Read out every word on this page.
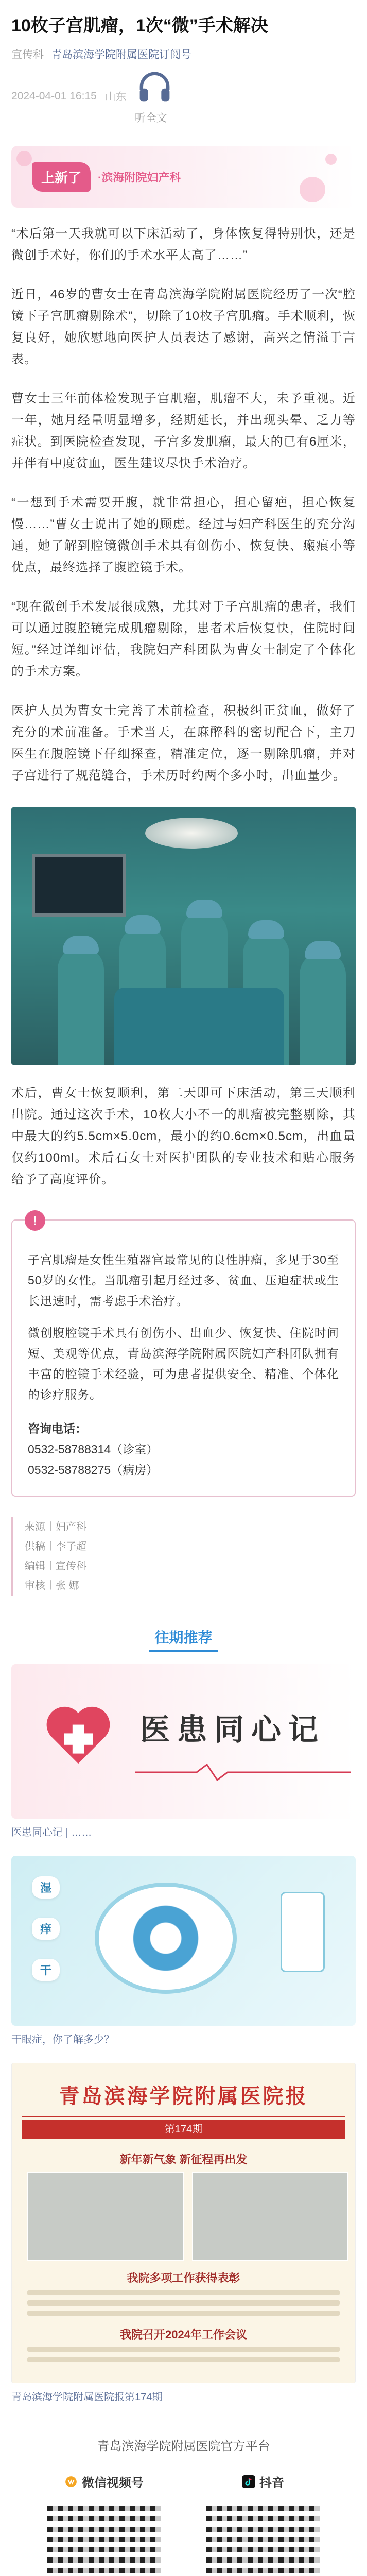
10枚子宫肌瘤，1次“微”手术解决
宣传科 青岛滨海学院附属医院订阅号
2024-04-01 16:15 山东
听全文
上新了	·滨海附院妇产科

“术后第一天我就可以下床活动了，身体恢复得特别快，还是微创手术好，你们的手术水平太高了……”

近日，46岁的曹女士在青岛滨海学院附属医院经历了一次“腔镜下子宫肌瘤剔除术”，切除了10枚子宫肌瘤。手术顺利，恢复良好，她欣慰地向医护人员表达了感谢，高兴之情溢于言表。

曹女士三年前体检发现子宫肌瘤，肌瘤不大，未予重视。近一年，她月经量明显增多，经期延长，并出现头晕、乏力等症状。到医院检查发现，子宫多发肌瘤，最大的已有6厘米，并伴有中度贫血，医生建议尽快手术治疗。

“一想到手术需要开腹，就非常担心，担心留疤，担心恢复慢……”曹女士说出了她的顾虑。经过与妇产科医生的充分沟通，她了解到腔镜微创手术具有创伤小、恢复快、瘢痕小等优点，最终选择了腹腔镜手术。

“现在微创手术发展很成熟，尤其对于子宫肌瘤的患者，我们可以通过腹腔镜完成肌瘤剔除，患者术后恢复快，住院时间短。”经过详细评估，我院妇产科团队为曹女士制定了个体化的手术方案。

医护人员为曹女士完善了术前检查，积极纠正贫血，做好了充分的术前准备。手术当天，在麻醉科的密切配合下，主刀医生在腹腔镜下仔细探查，精准定位，逐一剔除肌瘤，并对子宫进行了规范缝合，手术历时约两个多小时，出血量少。

术后，曹女士恢复顺利，第二天即可下床活动，第三天顺利出院。通过这次手术，10枚大小不一的肌瘤被完整剔除，其中最大的约5.5cm×5.0cm，最小的约0.6cm×0.5cm，出血量仅约100ml。术后石女士对医护团队的专业技术和贴心服务给予了高度评价。

!

子宫肌瘤是女性生殖器官最常见的良性肿瘤，多见于30至50岁的女性。当肌瘤引起月经过多、贫血、压迫症状或生长迅速时，需考虑手术治疗。

微创腹腔镜手术具有创伤小、出血少、恢复快、住院时间短、美观等优点，青岛滨海学院附属医院妇产科团队拥有丰富的腔镜手术经验，可为患者提供安全、精准、个体化的诊疗服务。

咨询电话：
0532-58788314（诊室）
0532-58788275（病房）
来源丨妇产科
供稿丨李子超
编辑丨宣传科
审核丨张 娜
往期推荐
医患同心记
医患同心记 | ……
湿
痒
干
干眼症，你了解多少？
青岛滨海学院附属医院报
第174期
新年新气象 新征程再出发
我院多项工作获得表彰
我院召开2024年工作会议
青岛滨海学院附属医院报第174期
青岛滨海学院附属医院官方平台
微信视频号	抖音
